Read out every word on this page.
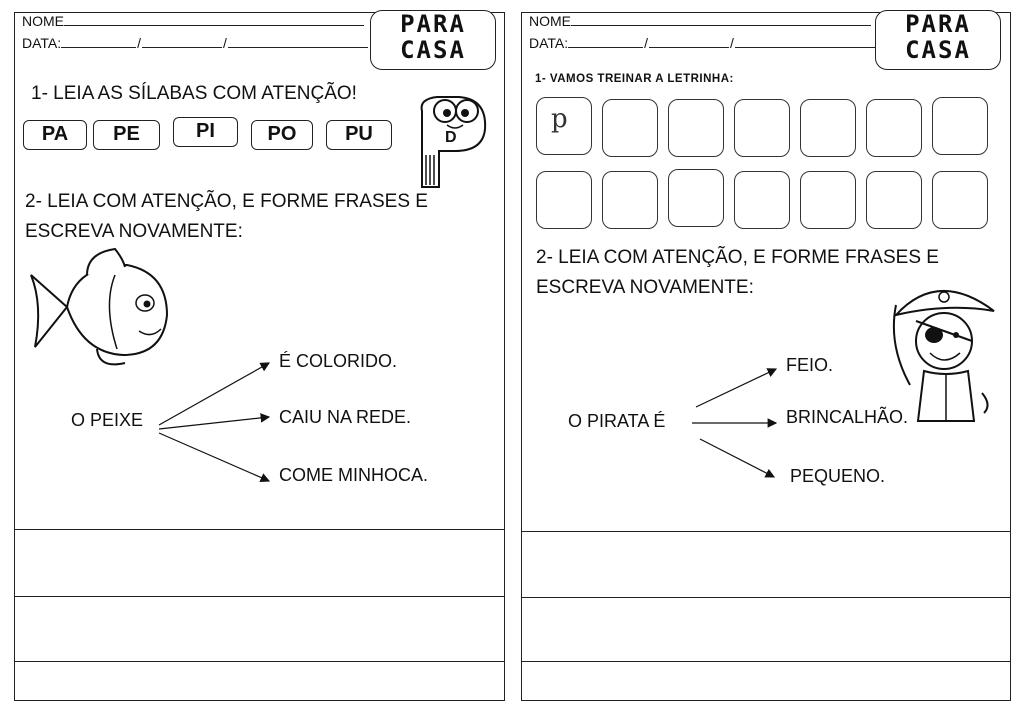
NOME
DATA:	/	/
PARA
CASA
1- LEIA AS SÍLABAS COM ATENÇÃO!
PA	PE	PI	PO	PU	D
2- LEIA COM ATENÇÃO, E FORME FRASES E
ESCREVA NOVAMENTE:
O PEIXE
É COLORIDO.
CAIU NA REDE.
COME MINHOCA.
NOME
DATA:	/	/
PARA
CASA
1- VAMOS TREINAR A LETRINHA:
p
2- LEIA COM ATENÇÃO, E FORME FRASES E
ESCREVA NOVAMENTE:
O PIRATA É
FEIO.
BRINCALHÃO.
PEQUENO.
